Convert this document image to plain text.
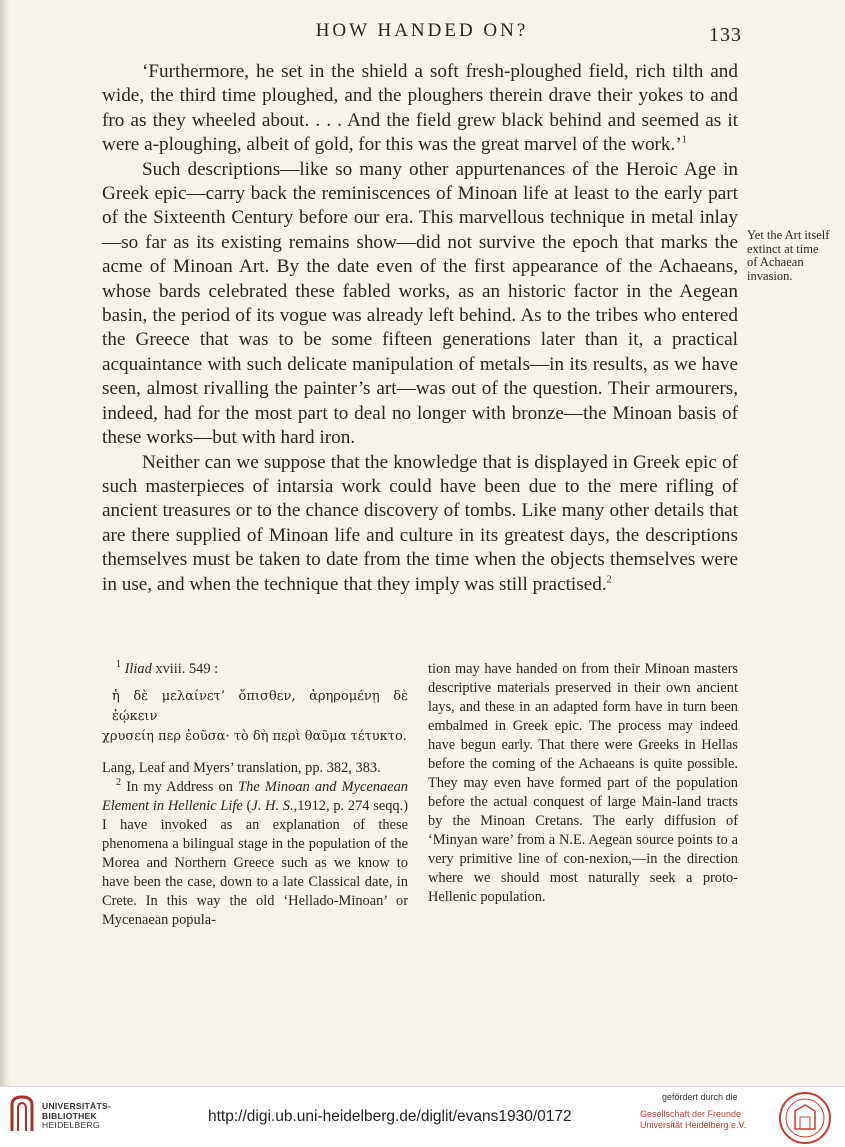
HOW HANDED ON?	133

‘Furthermore, he set in the shield a soft fresh-ploughed field, rich tilth and wide, the third time ploughed, and the ploughers therein drave their yokes to and fro as they wheeled about. . . . And the field grew black behind and seemed as it were a-ploughing, albeit of gold, for this was the great marvel of the work.’$^1$

Such descriptions—like so many other appurtenances of the Heroic Age in Greek epic—carry back the reminiscences of Minoan life at least to the early part of the Sixteenth Century before our era. This marvellous technique in metal inlay—so far as its existing remains show—did not survive the epoch that marks the acme of Minoan Art. By the date even of the first appearance of the Achaeans, whose bards celebrated these fabled works, as an historic factor in the Aegean basin, the period of its vogue was already left behind. As to the tribes who entered the Greece that was to be some fifteen generations later than it, a practical acquaintance with such delicate manipulation of metals—in its results, as we have seen, almost rivalling the painter’s art—was out of the question. Their armourers, indeed, had for the most part to deal no longer with bronze—the Minoan basis of these works—but with hard iron.

Neither can we suppose that the knowledge that is displayed in Greek epic of such masterpieces of intarsia work could have been due to the mere rifling of ancient treasures or to the chance discovery of tombs. Like many other details that are there supplied of Minoan life and culture in its greatest days, the descriptions themselves must be taken to date from the time when the objects themselves were in use, and when the technique that they imply was still practised.$^2$

Yet the Art itself extinct at time of Achaean invasion.

$^1$ Iliad xviii. 549 :

ἡ δὲ μελαίνετ’ ὄπισθεν, ἀρηρομένῃ δὲ ἐῴκειν
χρυσείη περ ἐοῦσα· τὸ δὴ περὶ θαῦμα τέτυκτο.

Lang, Leaf and Myers’ translation, pp. 382, 383.

$^2$ In my Address on The Minoan and Mycenaean Element in Hellenic Life (J. H. S.,1912, p. 274 seqq.) I have invoked as an explanation of these phenomena a bilingual stage in the population of the Morea and Northern Greece such as we know to have been the case, down to a late Classical date, in Crete. In this way the old ‘Hellado-Minoan’ or Mycenaean popula-

tion may have handed on from their Minoan masters descriptive materials preserved in their own ancient lays, and these in an adapted form have in turn been embalmed in Greek epic. The process may indeed have begun early. That there were Greeks in Hellas before the coming of the Achaeans is quite possible. They may even have formed part of the population before the actual conquest of large Main-land tracts by the Minoan Cretans. The early diffusion of ‘Minyan ware’ from a N.E. Aegean source points to a very primitive line of con-nexion,—in the direction where we should most naturally seek a proto-Hellenic population.

UNIVERSITÄTS-
BIBLIOTHEK
HEIDELBERG	http://digi.ub.uni-heidelberg.de/diglit/evans1930/0172
gefördert durch die
Gesellschaft der Freunde
Universität Heidelberg e.V.
